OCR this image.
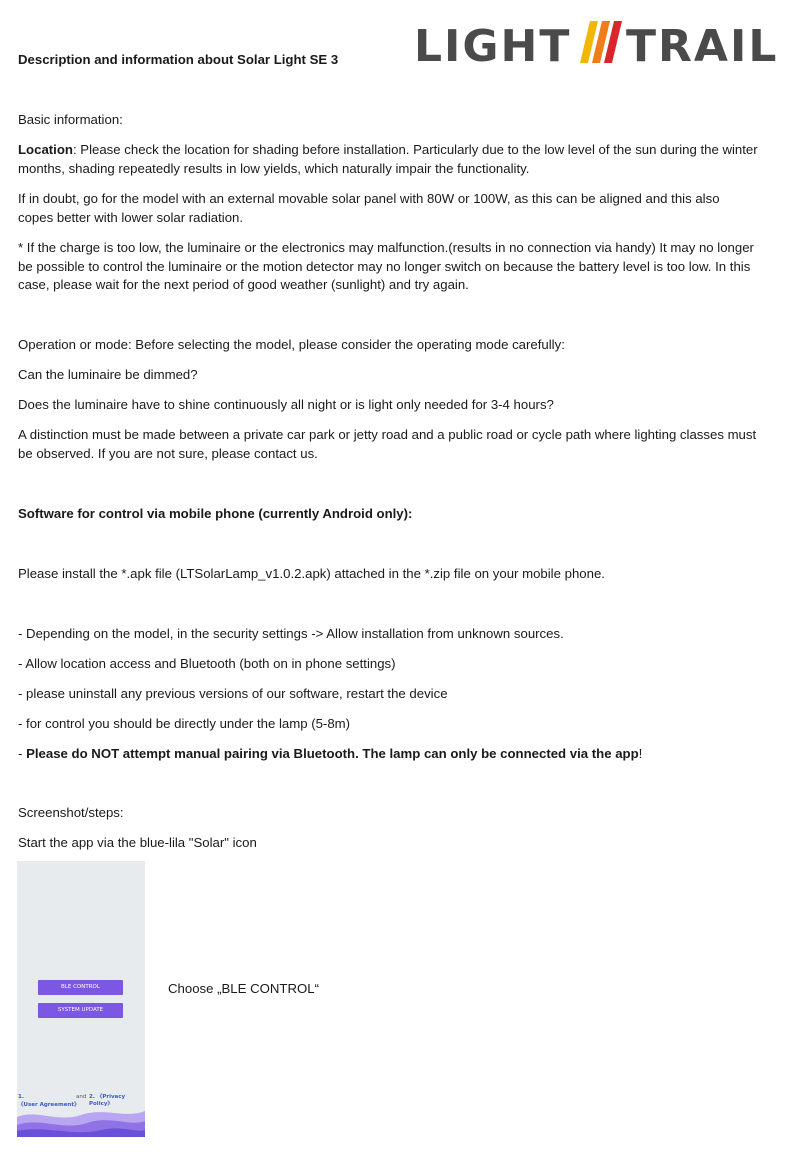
LIGHT TRAIL

Description and information about Solar Light SE 3

Basic information:

Location: Please check the location for shading before installation. Particularly due to the low level of the sun during the winter months, shading repeatedly results in low yields, which naturally impair the functionality.

If in doubt, go for the model with an external movable solar panel with 80W or 100W, as this can be aligned and this also copes better with lower solar radiation.

* If the charge is too low, the luminaire or the electronics may malfunction.(results in no connection via handy) It may no longer be possible to control the luminaire or the motion detector may no longer switch on because the battery level is too low. In this case, please wait for the next period of good weather (sunlight) and try again.

Operation or mode: Before selecting the model, please consider the operating mode carefully:

Can the luminaire be dimmed?

Does the luminaire have to shine continuously all night or is light only needed for 3-4 hours?

A distinction must be made between a private car park or jetty road and a public road or cycle path where lighting classes must be observed. If you are not sure, please contact us.

Software for control via mobile phone (currently Android only):

Please install the *.apk file (LTSolarLamp_v1.0.2.apk) attached in the *.zip file on your mobile phone.

- Depending on the model, in the security settings -> Allow installation from unknown sources.

- Allow location access and Bluetooth (both on in phone settings)

- please uninstall any previous versions of our software, restart the device

- for control you should be directly under the lamp (5-8m)

- Please do NOT attempt manual pairing via Bluetooth. The lamp can only be connected via the app!

Screenshot/steps:

Start the app via the blue-lila "Solar" icon

BLE CONTROL
SYSTEM UPDATE
1.	and 2. 《Privacy Policy》
《User Agreement》

Choose „BLE CONTROL“
